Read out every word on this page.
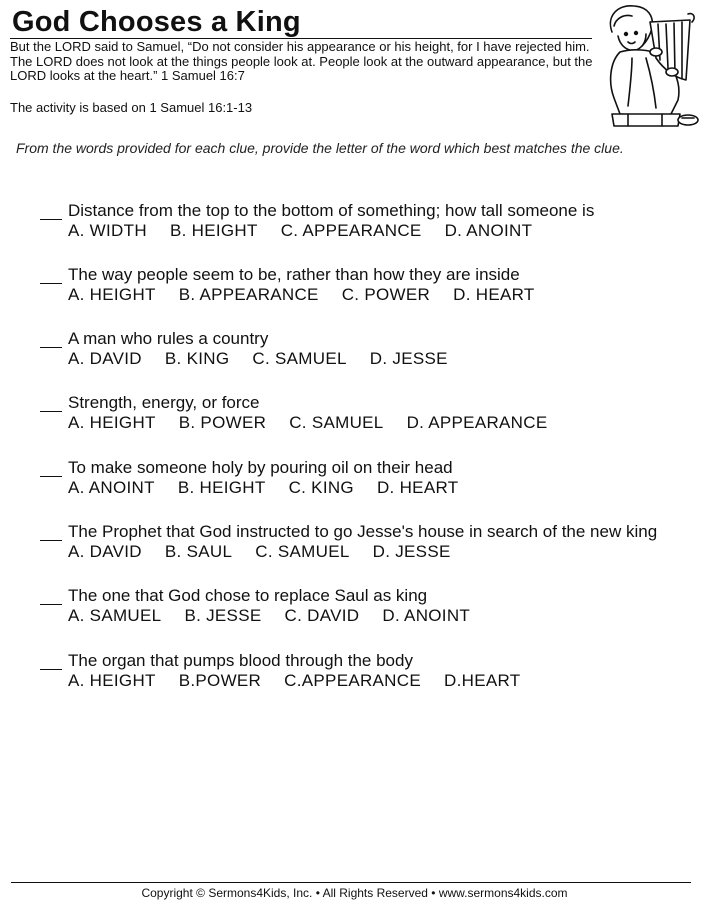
God Chooses a King
But the LORD said to Samuel, “Do not consider his appearance or his height, for I have rejected him. The LORD does not look at the things people look at. People look at the outward appearance, but the LORD looks at the heart.” 1 Samuel 16:7
The activity is based on 1 Samuel 16:1-13
From the words provided for each clue, provide the letter of the word which best matches the clue.
Distance from the top to the bottom of something; how tall someone is
A. WIDTH B. HEIGHT C. APPEARANCE D. ANOINT
The way people seem to be, rather than how they are inside
A. HEIGHT B. APPEARANCE C. POWER D. HEART
A man who rules a country
A. DAVID B. KING C. SAMUEL D. JESSE
Strength, energy, or force
A. HEIGHT B. POWER C. SAMUEL D. APPEARANCE
To make someone holy by pouring oil on their head
A. ANOINT B. HEIGHT C. KING D. HEART
The Prophet that God instructed to go Jesse's house in search of the new king
A. DAVID B. SAUL C. SAMUEL D. JESSE
The one that God chose to replace Saul as king
A. SAMUEL B. JESSE C. DAVID D. ANOINT
The organ that pumps blood through the body
A. HEIGHT B.POWER C.APPEARANCE D.HEART
Copyright © Sermons4Kids, Inc. • All Rights Reserved • www.sermons4kids.com
